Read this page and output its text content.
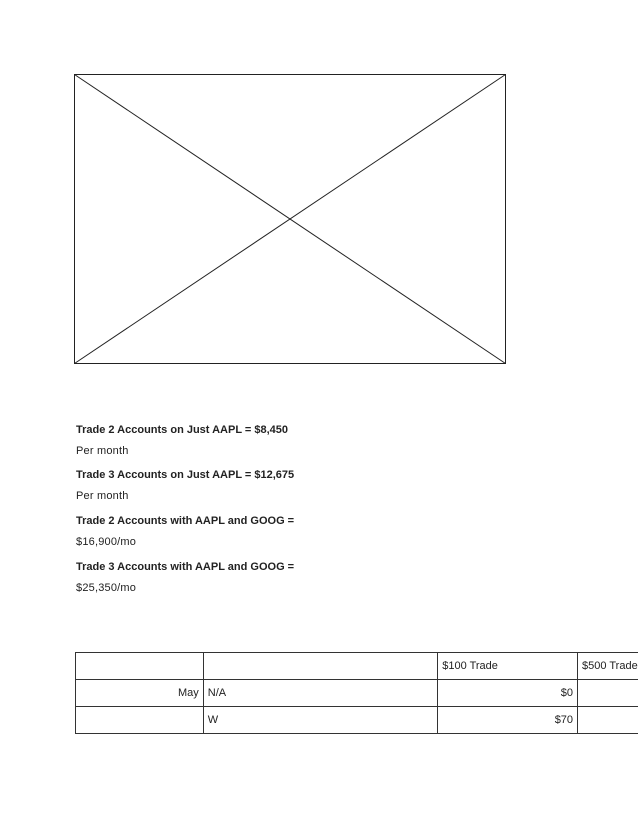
Trade 2 Accounts on Just AAPL = $8,450
Per month
Trade 3 Accounts on Just AAPL = $12,675
Per month
Trade 2 Accounts with AAPL and GOOG =
$16,900/mo
Trade 3 Accounts with AAPL and GOOG =
$25,350/mo
		$100 Trade	$500 Trade
May	N/A	$0	
	W	$70	
